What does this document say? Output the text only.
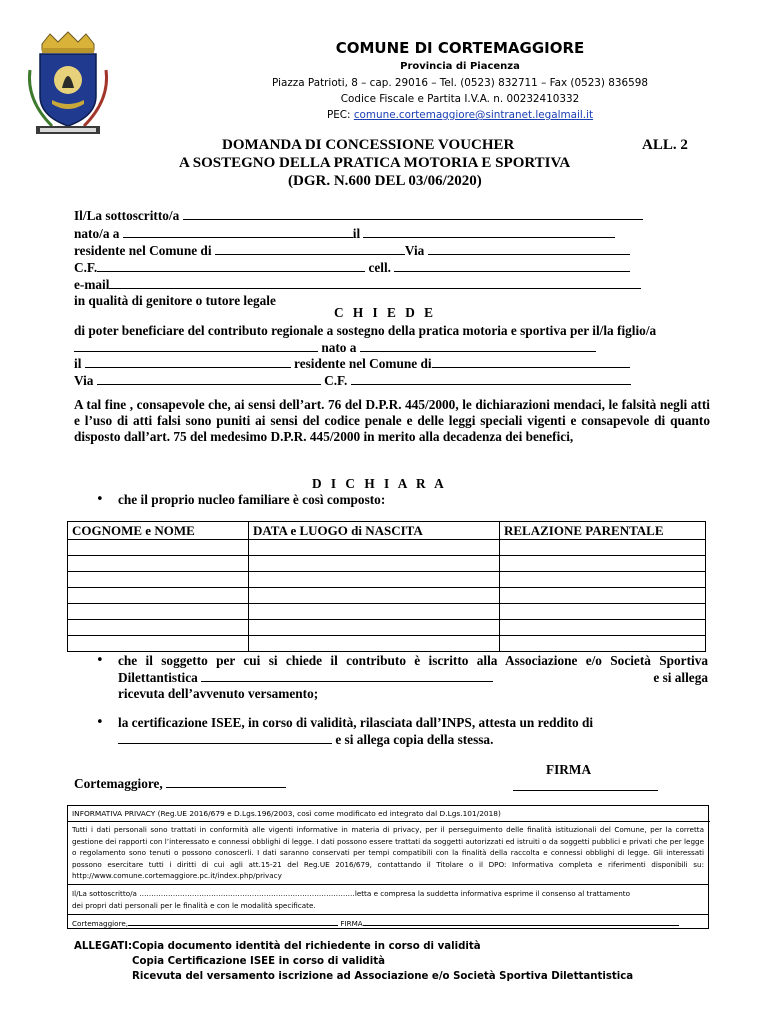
COMUNE DI CORTEMAGGIORE
Provincia di Piacenza
Piazza Patrioti, 8 – cap. 29016 – Tel. (0523) 832711 – Fax (0523) 836598
Codice Fiscale e Partita I.V.A. n. 00232410332
PEC: comune.cortemaggiore@sintranet.legalmail.it
DOMANDA DI CONCESSIONE VOUCHER	ALL. 2
A SOSTEGNO DELLA PRATICA MOTORIA E SPORTIVA
(DGR. N.600 DEL 03/06/2020)
Il/La sottoscritto/a
nato/a a	il
residente nel Comune di	Via
C.F.	cell.
e-mail
in qualità di genitore o tutore legale
C H I E D E
di poter beneficiare del contributo regionale a sostegno della pratica motoria e sportiva per il/la figlio/a
nato a
il	residente nel Comune di
Via	C.F.
A tal fine , consapevole che, ai sensi dell’art. 76 del D.P.R. 445/2000, le dichiarazioni mendaci, le falsità negli atti e l’uso di atti falsi sono puniti ai sensi del codice penale e delle leggi speciali vigenti e consapevole di quanto disposto dall’art. 75 del medesimo D.P.R. 445/2000 in merito alla decadenza dei benefici,
D I C H I A R A
• che il proprio nucleo familiare è così composto:
COGNOME e NOME	DATA e LUOGO di NASCITA	RELAZIONE PARENTALE

• che il soggetto per cui si chiede il contributo è iscritto alla Associazione e/o Società Sportiva Dilettantistica	e si allega

ricevuta dell’avvenuto versamento;
• la certificazione ISEE, in corso di validità, rilasciata dall’INPS, attesta un reddito di
e si allega copia della stessa.
FIRMA
Cortemaggiore,
INFORMATIVA PRIVACY (Reg.UE 2016/679 e D.Lgs.196/2003, così come modificato ed integrato dal D.Lgs.101/2018)
Tutti i dati personali sono trattati in conformità alle vigenti informative in materia di privacy, per il perseguimento delle finalità istituzionali del Comune, per la corretta gestione dei rapporti con l’interessato e connessi obblighi di legge. I dati possono essere trattati da soggetti autorizzati ed istruiti o da soggetti pubblici e privati che per legge o regolamento sono tenuti o possono conoscerli. I dati saranno conservati per tempi compatibili con la finalità della raccolta e connessi obblighi di legge. Gli interessati possono esercitare tutti i diritti di cui agli att.15-21 del Reg.UE 2016/679, contattando il Titolare o il DPO: Informativa completa e riferimenti disponibili su: http://www.comune.cortemaggiore.pc.it/index.php/privacy
Il/La sottoscritto/a ………………………………………………………………………………letta e compresa la suddetta informativa esprime il consenso al trattamento
dei propri dati personali per le finalità e con le modalità specificate.
Cortemaggiore,	FIRMA
ALLEGATI: Copia documento identità del richiedente in corso di validità
Copia Certificazione ISEE in corso di validità
Ricevuta del versamento iscrizione ad Associazione e/o Società Sportiva Dilettantistica
